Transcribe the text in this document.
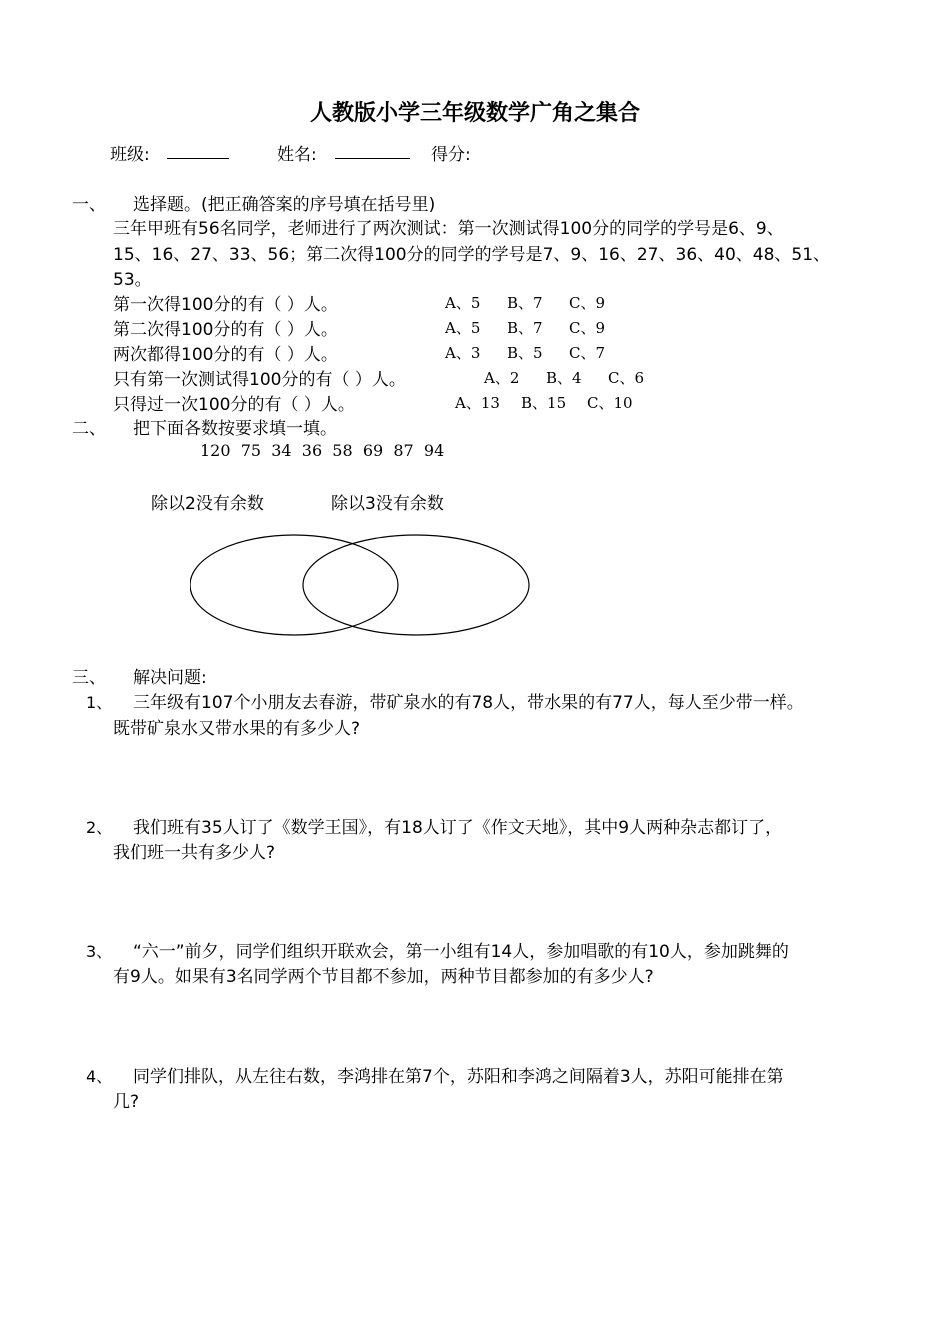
人教版小学三年级数学广角之集合
班级:	姓名:	得分:
一、 选择题。(把正确答案的序号填在括号里)
三年甲班有56名同学，老师进行了两次测试：第一次测试得100分的同学的学号是6、9、
15、16、27、33、56；第二次得100分的同学的学号是7、9、16、27、36、40、48、51、
53。
第一次得100分的有（ ）人。	A、5 B、7 C、9
第二次得100分的有（ ）人。	A、5 B、7 C、9
两次都得100分的有（ ）人。	A、3 B、5 C、7
只有第一次测试得100分的有（ ）人。	A、2 B、4 C、6
只得过一次100分的有（ ）人。	A、13 B、15 C、10
二、 把下面各数按要求填一填。
120  75  34  36  58  69  87  94
除以2没有余数	除以3没有余数
三、 解决问题:
1、 三年级有107个小朋友去春游，带矿泉水的有78人，带水果的有77人，每人至少带一样。
既带矿泉水又带水果的有多少人?
2、 我们班有35人订了《数学王国》，有18人订了《作文天地》，其中9人两种杂志都订了，
我们班一共有多少人?
3、 “六一”前夕，同学们组织开联欢会，第一小组有14人，参加唱歌的有10人，参加跳舞的
有9人。如果有3名同学两个节目都不参加，两种节目都参加的有多少人?
4、 同学们排队，从左往右数，李鸿排在第7个，苏阳和李鸿之间隔着3人，苏阳可能排在第
几?
